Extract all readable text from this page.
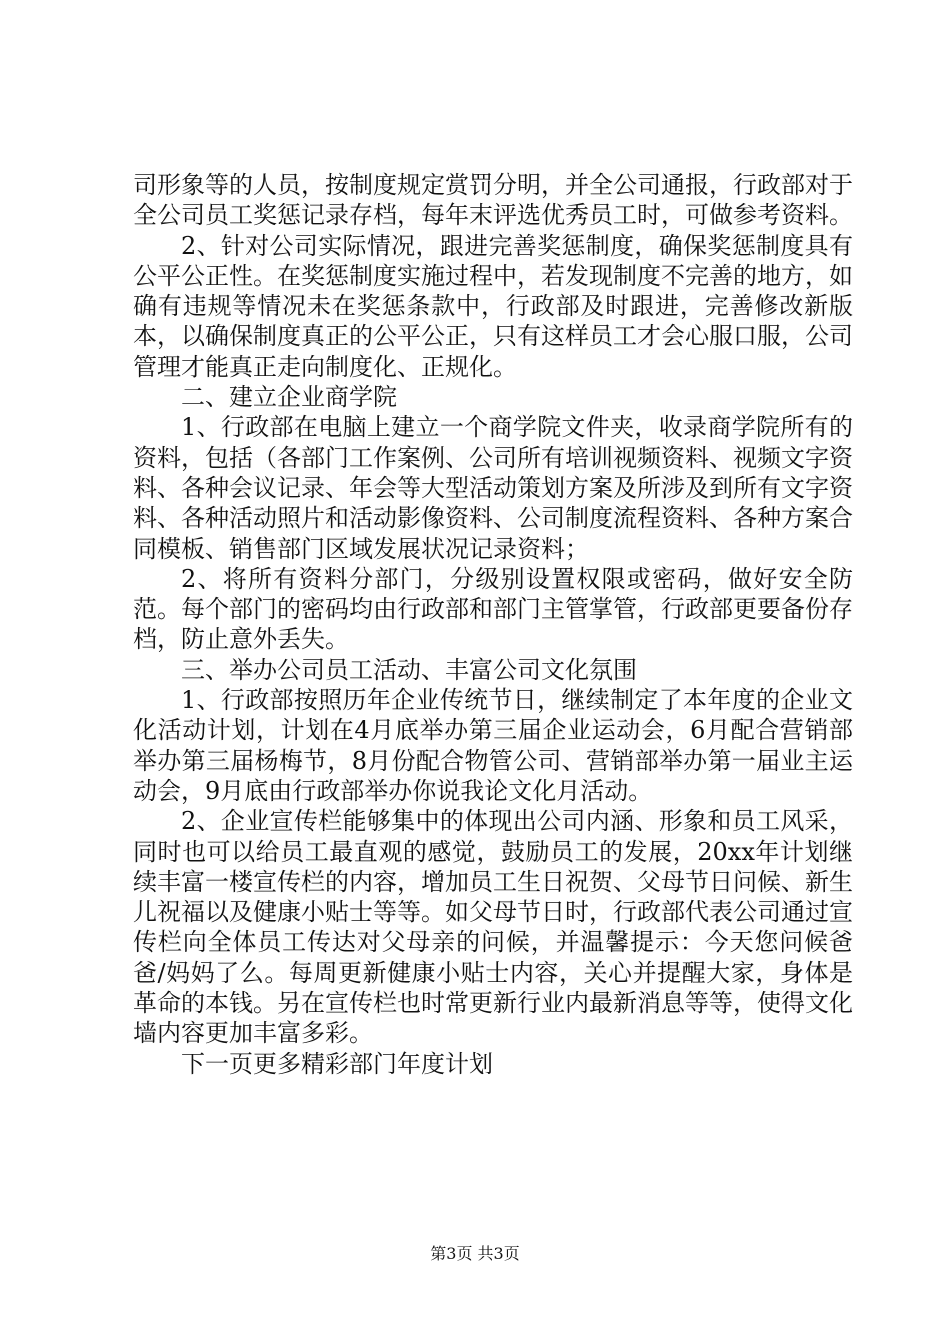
司形象等的人员，按制度规定赏罚分明，并全公司通报，行政部对于全公司员工奖惩记录存档，每年末评选优秀员工时，可做参考资料。

2、针对公司实际情况，跟进完善奖惩制度，确保奖惩制度具有公平公正性。在奖惩制度实施过程中，若发现制度不完善的地方，如确有违规等情况未在奖惩条款中，行政部及时跟进，完善修改新版本，以确保制度真正的公平公正，只有这样员工才会心服口服，公司管理才能真正走向制度化、正规化。

二、建立企业商学院

1、行政部在电脑上建立一个商学院文件夹，收录商学院所有的资料，包括（各部门工作案例、公司所有培训视频资料、视频文字资料、各种会议记录、年会等大型活动策划方案及所涉及到所有文字资料、各种活动照片和活动影像资料、公司制度流程资料、各种方案合同模板、销售部门区域发展状况记录资料；

2、将所有资料分部门，分级别设置权限或密码，做好安全防范。每个部门的密码均由行政部和部门主管掌管，行政部更要备份存档，防止意外丢失。

三、举办公司员工活动、丰富公司文化氛围

1、行政部按照历年企业传统节日，继续制定了本年度的企业文化活动计划，计划在4月底举办第三届企业运动会，6月配合营销部举办第三届杨梅节，8月份配合物管公司、营销部举办第一届业主运动会，9月底由行政部举办你说我论文化月活动。

2、企业宣传栏能够集中的体现出公司内涵、形象和员工风采，同时也可以给员工最直观的感觉，鼓励员工的发展，20xx年计划继续丰富一楼宣传栏的内容，增加员工生日祝贺、父母节日问候、新生儿祝福以及健康小贴士等等。如父母节日时，行政部代表公司通过宣传栏向全体员工传达对父母亲的问候，并温馨提示：今天您问候爸爸/妈妈了么。每周更新健康小贴士内容，关心并提醒大家，身体是革命的本钱。另在宣传栏也时常更新行业内最新消息等等，使得文化墙内容更加丰富多彩。

下一页更多精彩部门年度计划

第3页 共3页
